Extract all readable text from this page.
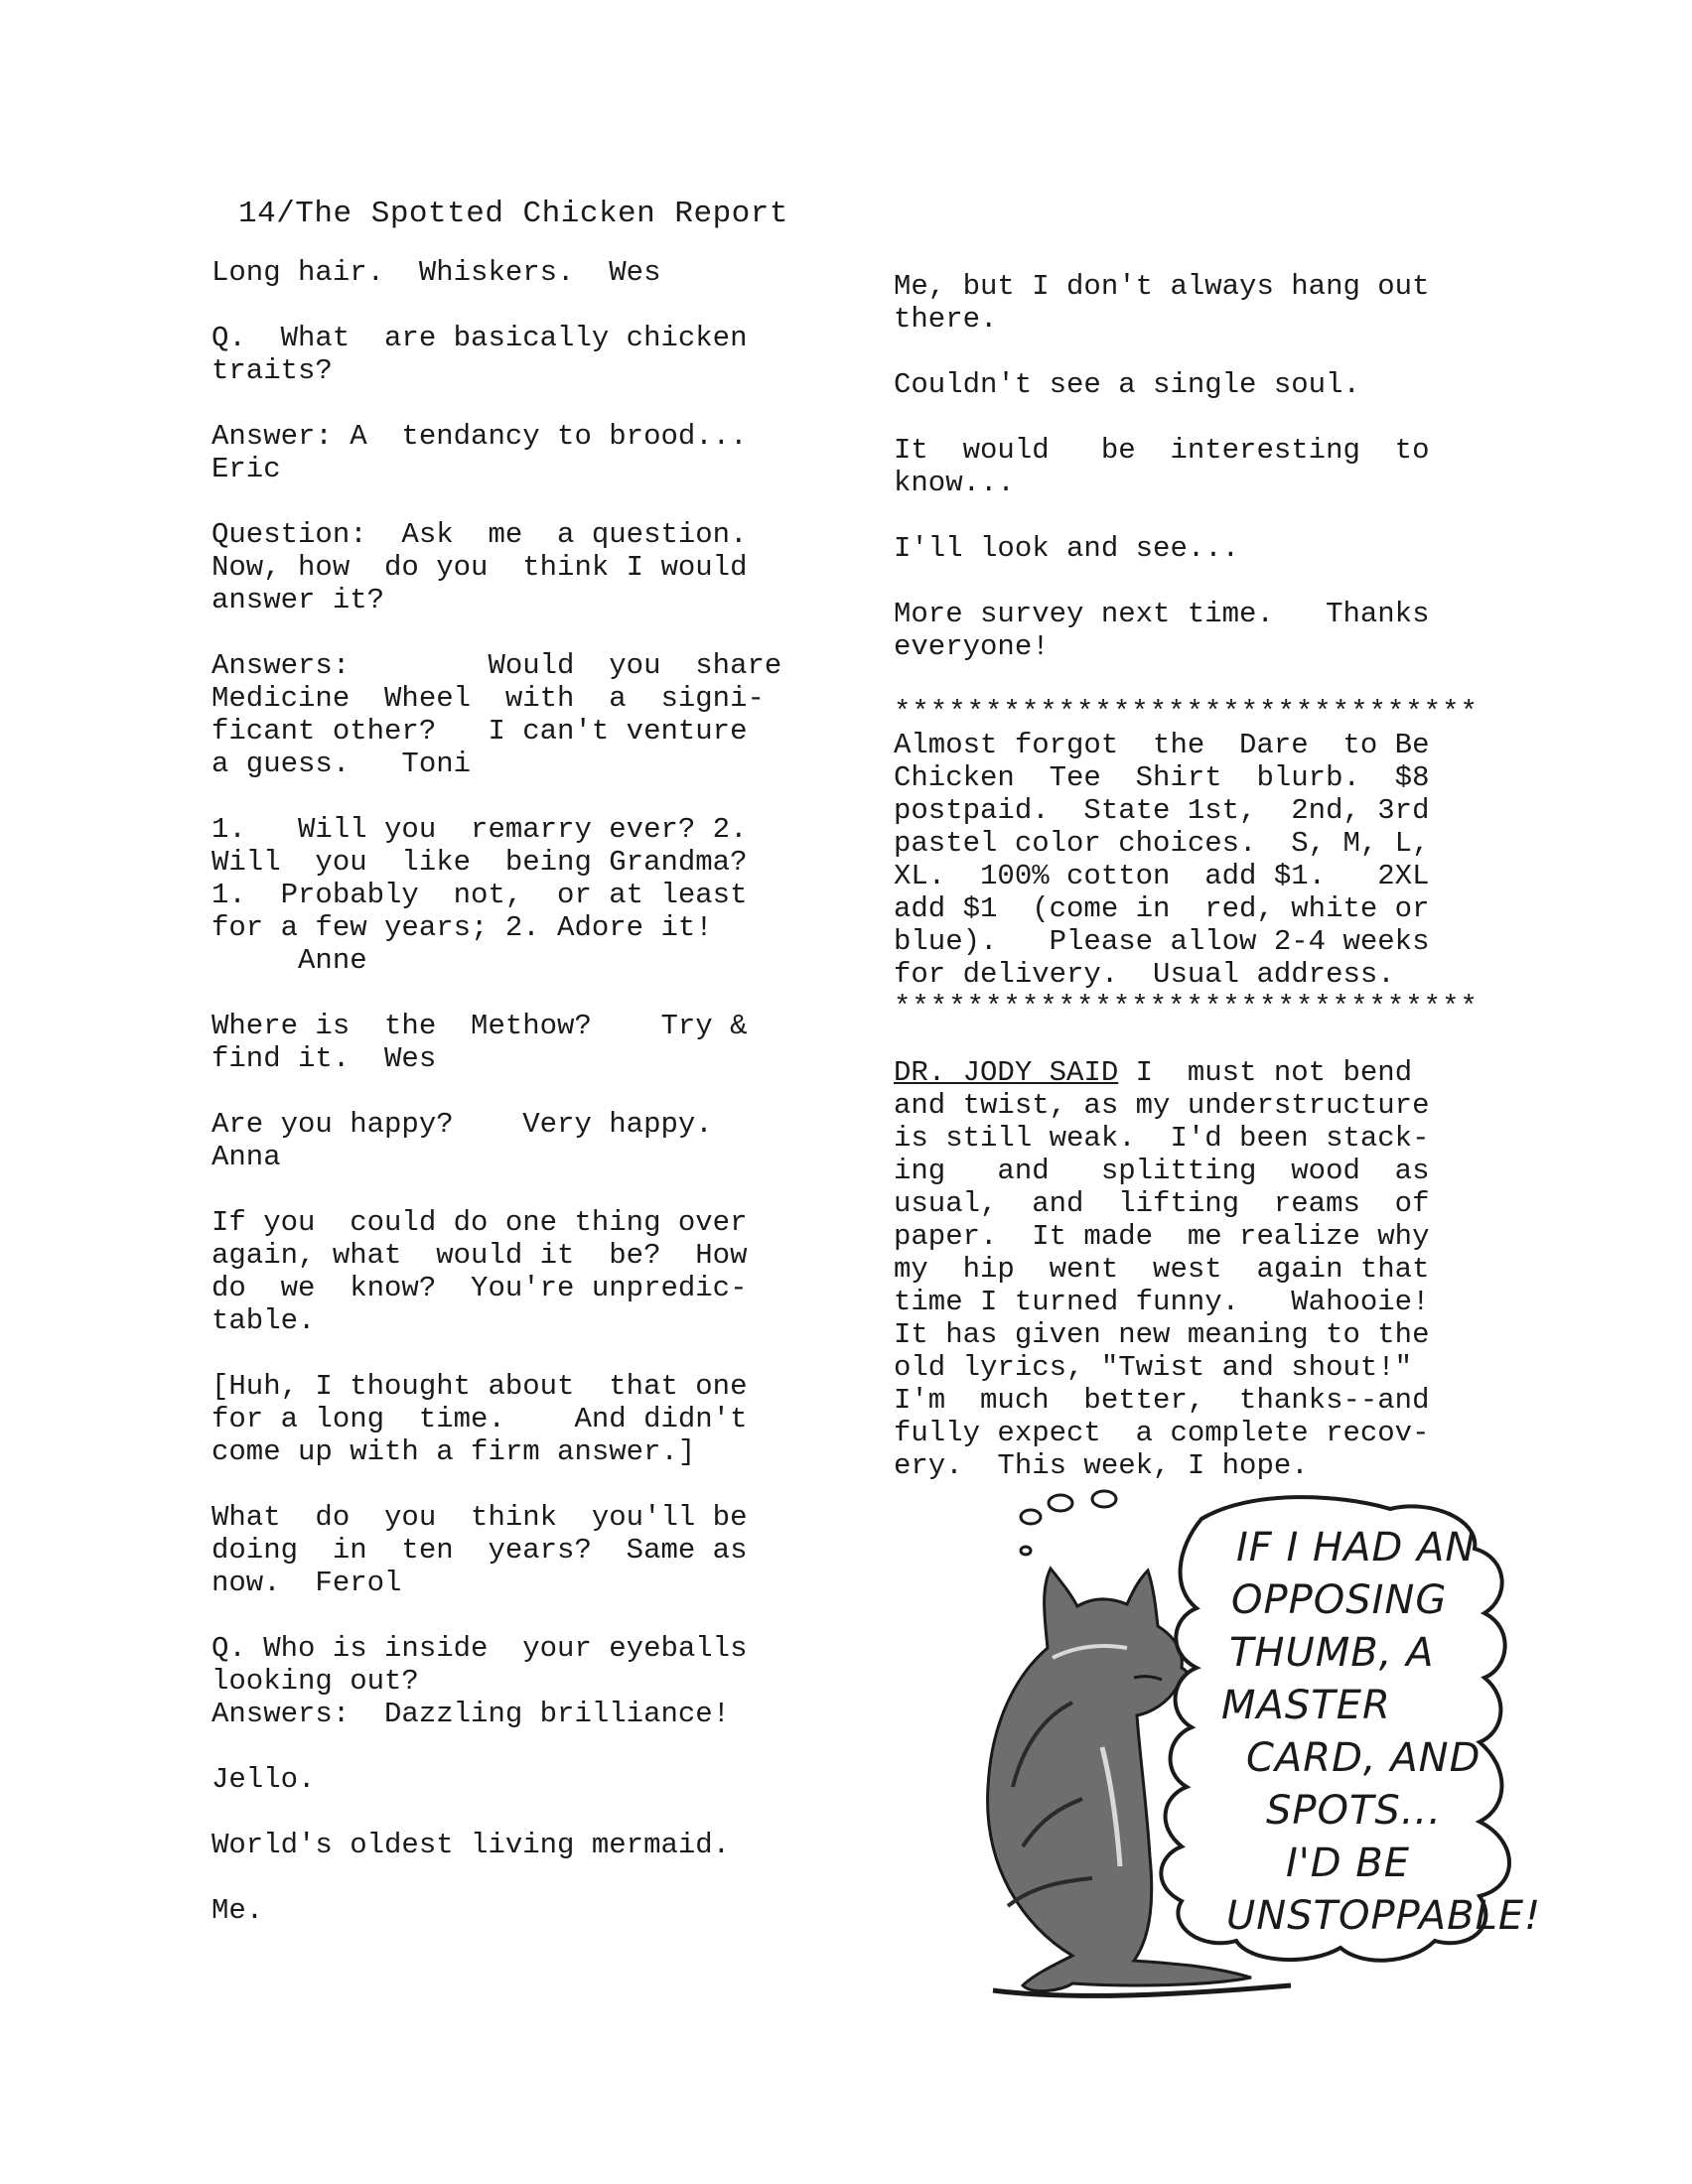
14/The Spotted Chicken Report

Long hair.  Whiskers.  Wes

Q.  What  are basically chicken
traits?

Answer: A  tendancy to brood...
Eric

Question:  Ask  me  a question.
Now, how  do you  think I would
answer it?

Answers:        Would  you  share
Medicine  Wheel  with  a  signi-
ficant other?   I can't venture
a guess.   Toni

1.   Will you  remarry ever? 2.
Will  you  like  being Grandma?
1.  Probably  not,  or at least
for a few years; 2. Adore it!
Anne

Where is  the  Methow?    Try &
find it.  Wes

Are you happy?    Very happy.
Anna

If you  could do one thing over
again, what  would it  be?  How
do  we  know?  You're unpredic-
table.

[Huh, I thought about  that one
for a long  time.    And didn't
come up with a firm answer.]

What  do  you  think  you'll be
doing  in  ten  years?  Same as
now.  Ferol

Q. Who is inside  your eyeballs
looking out?
Answers:  Dazzling brilliance!

Jello.

World's oldest living mermaid.

Me.

Me, but I don't always hang out
there.

Couldn't see a single soul.

It  would   be  interesting  to
know...

I'll look and see...

More survey next time.   Thanks
everyone!

********************************

Almost forgot  the  Dare  to Be
Chicken  Tee  Shirt  blurb.  $8
postpaid.  State 1st,  2nd, 3rd
pastel color choices.  S, M, L,
XL.  100% cotton  add $1.   2XL
add $1  (come in  red, white or
blue).   Please allow 2-4 weeks
for delivery.  Usual address.

********************************

DR. JODY SAID I  must not bend
and twist, as my understructure
is still weak.  I'd been stack-
ing   and   splitting  wood  as
usual,  and  lifting  reams  of
paper.  It made  me realize why
my  hip  went  west  again that
time I turned funny.   Wahooie!
It has given new meaning to the
old lyrics, "Twist and shout!"
I'm  much  better,  thanks--and
fully expect  a complete recov-
ery.  This week, I hope.

IF I HAD AN
OPPOSING
THUMB, A
MASTER
CARD, AND
SPOTS...
I'D BE
UNSTOPPABLE!
